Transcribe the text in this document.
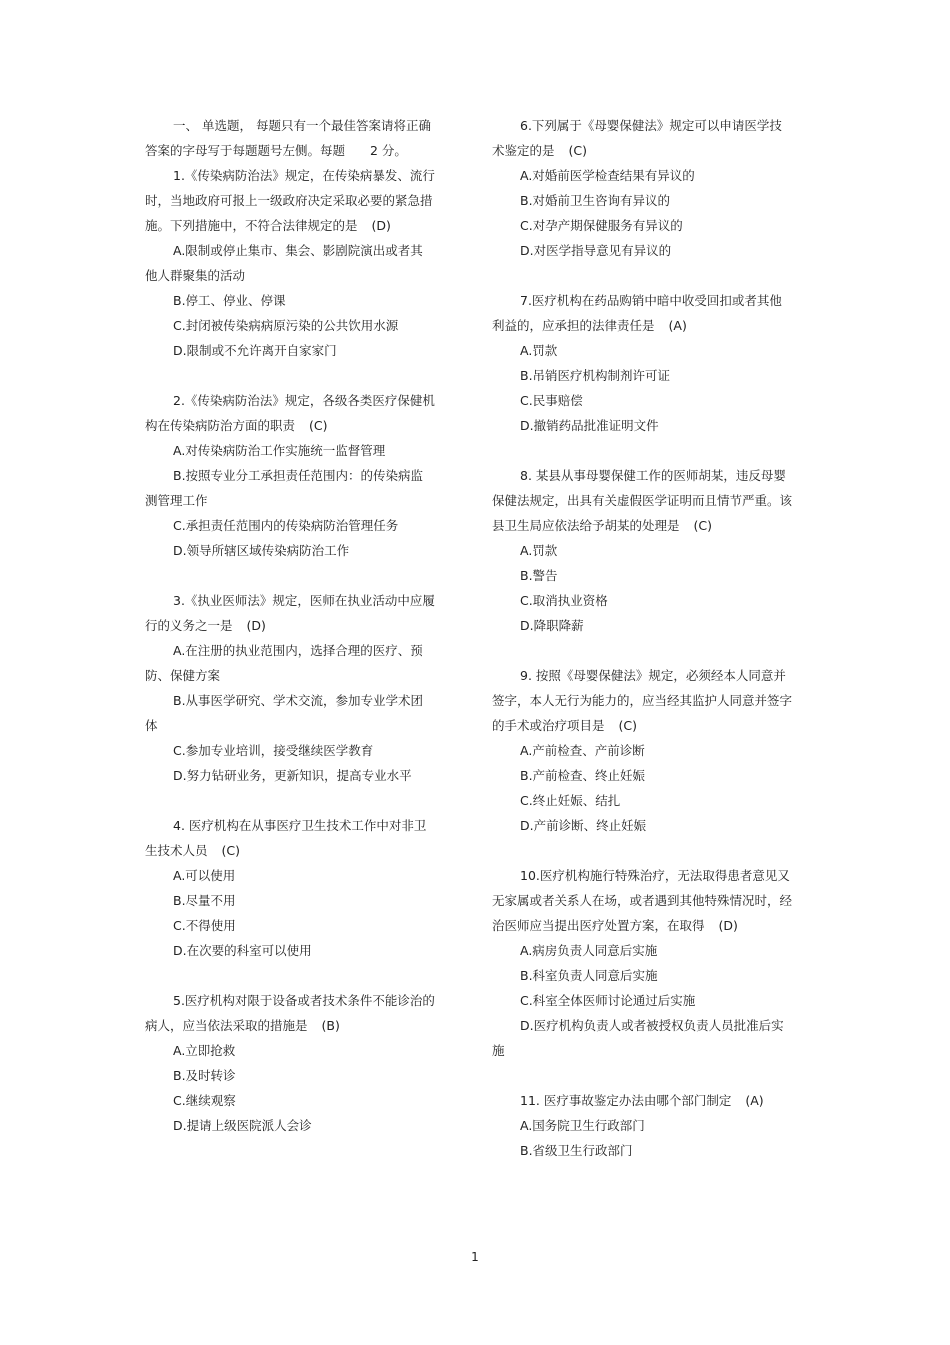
一、 单选题， 每题只有一个最佳答案请将正确答案的字母写于每题题号左侧。每题　　2 分。

1.《传染病防治法》规定，在传染病暴发、流行时，当地政府可报上一级政府决定采取必要的紧急措施。下列措施中，不符合法律规定的是 (D)

A.限制或停止集市、集会、影剧院演出或者其他人群聚集的活动

B.停工、停业、停课

C.封闭被传染病病原污染的公共饮用水源

D.限制或不允许离开自家家门

2.《传染病防治法》规定，各级各类医疗保健机构在传染病防治方面的职责 (C)

A.对传染病防治工作实施统一监督管理

B.按照专业分工承担责任范围内：的传染病监测管理工作

C.承担责任范围内的传染病防治管理任务

D.领导所辖区域传染病防治工作

3.《执业医师法》规定，医师在执业活动中应履行的义务之一是 (D)

A.在注册的执业范围内，选择合理的医疗、预防、保健方案

B.从事医学研究、学术交流，参加专业学术团体

C.参加专业培训，接受继续医学教育

D.努力钻研业务，更新知识，提高专业水平

4. 医疗机构在从事医疗卫生技术工作中对非卫生技术人员 (C)

A.可以使用

B.尽量不用

C.不得使用

D.在次要的科室可以使用

5.医疗机构对限于设备或者技术条件不能诊治的病人，应当依法采取的措施是 (B)

A.立即抢救

B.及时转诊

C.继续观察

D.提请上级医院派人会诊

6.下列属于《母婴保健法》规定可以申请医学技术鉴定的是 (C)

A.对婚前医学检查结果有异议的

B.对婚前卫生咨询有异议的

C.对孕产期保健服务有异议的

D.对医学指导意见有异议的

7.医疗机构在药品购销中暗中收受回扣或者其他利益的，应承担的法律责任是 (A)

A.罚款

B.吊销医疗机构制剂许可证

C.民事赔偿

D.撤销药品批准证明文件

8. 某县从事母婴保健工作的医师胡某，违反母婴保健法规定，出具有关虚假医学证明而且情节严重。该县卫生局应依法给予胡某的处理是 (C)

A.罚款

B.警告

C.取消执业资格

D.降职降薪

9. 按照《母婴保健法》规定，必须经本人同意并签字，本人无行为能力的，应当经其监护人同意并签字的手术或治疗项目是 (C)

A.产前检查、产前诊断

B.产前检查、终止妊娠

C.终止妊娠、结扎

D.产前诊断、终止妊娠

10.医疗机构施行特殊治疗，无法取得患者意见又无家属或者关系人在场，或者遇到其他特殊情况时，经治医师应当提出医疗处置方案，在取得 (D)

A.病房负责人同意后实施

B.科室负责人同意后实施

C.科室全体医师讨论通过后实施

D.医疗机构负责人或者被授权负责人员批准后实施

11. 医疗事故鉴定办法由哪个部门制定 (A)

A.国务院卫生行政部门

B.省级卫生行政部门

1
